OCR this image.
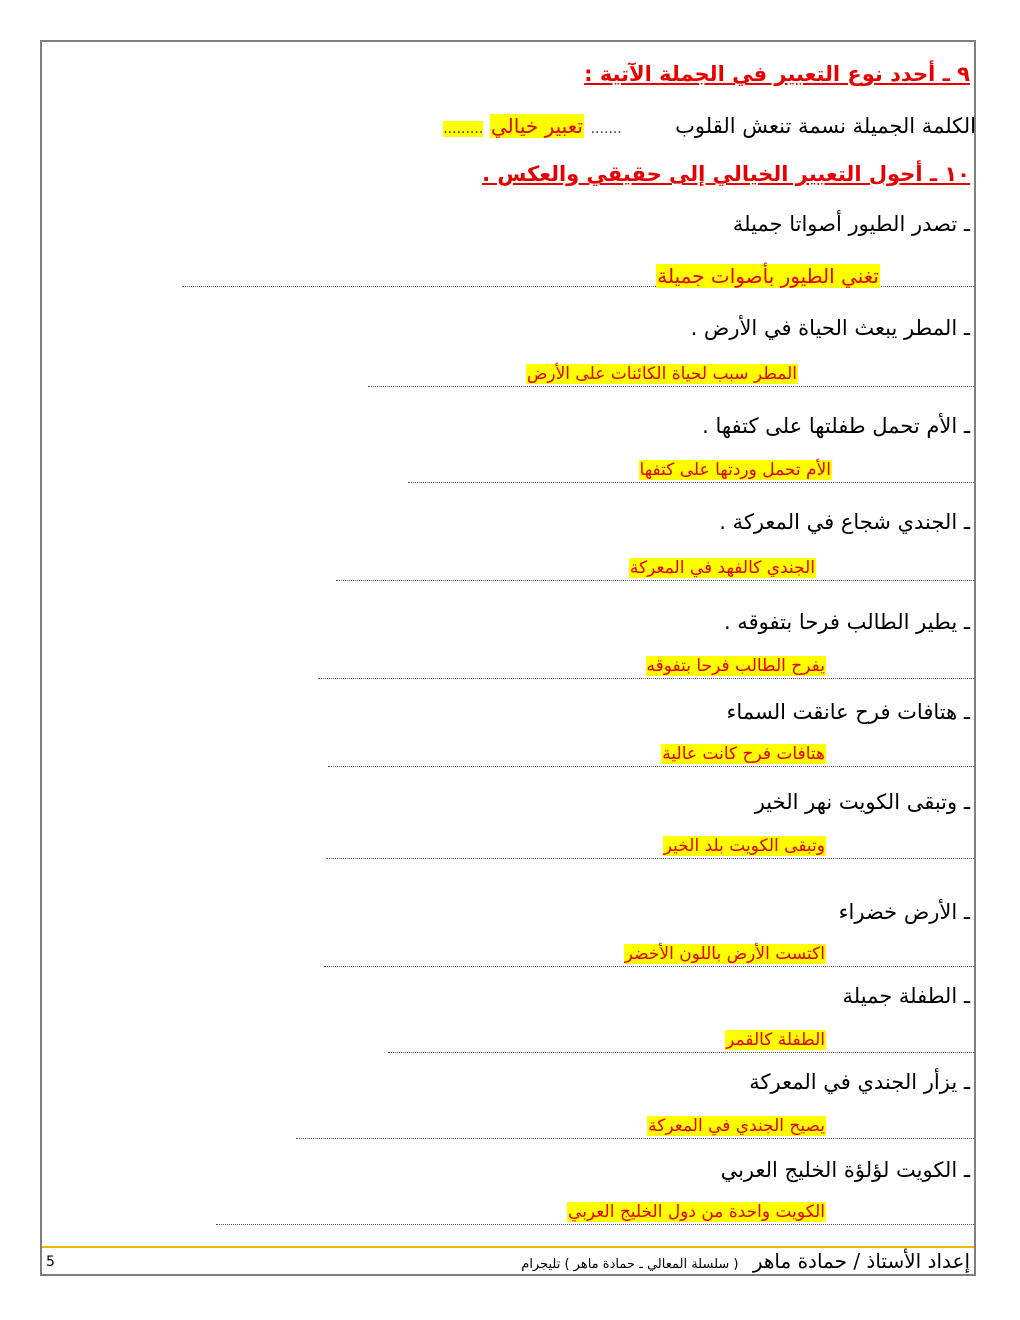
٩ ـ أحدد نوع التعبير في الجملة الآتية :
الكلمة الجميلة نسمة تنعش القلوب  ....... تعبير خيالي .........
١٠ ـ أحول التعبير الخيالي إلى حقيقي والعكس .
ـ تصدر الطيور أصواتا جميلة
تغني الطيور بأصوات جميلة
ـ المطر يبعث الحياة في الأرض .
المطر سبب لحياة الكائنات على الأرض
ـ الأم تحمل طفلتها على كتفها .
الأم تحمل وردتها على كتفها
ـ الجندي شجاع في المعركة .
الجندي كالفهد في المعركة
ـ يطير الطالب فرحا بتفوقه .
يفرح الطالب فرحا بتفوقه
ـ هتافات فرح عانقت السماء
هتافات فرح كانت عالية
ـ وتبقى الكويت نهر الخير
وتبقى الكويت بلد الخير
ـ الأرض خضراء
اكتست الأرض باللون الأخضر
ـ الطفلة جميلة
الطفلة كالقمر
ـ يزأر الجندي في المعركة
يصيح الجندي في المعركة
ـ الكويت لؤلؤة الخليج العربي
الكويت واحدة من دول الخليج العربي
إعداد الأستاذ / حمادة ماهر ( سلسلة المعالي ـ حمادة ماهر ) تليجرام
5
